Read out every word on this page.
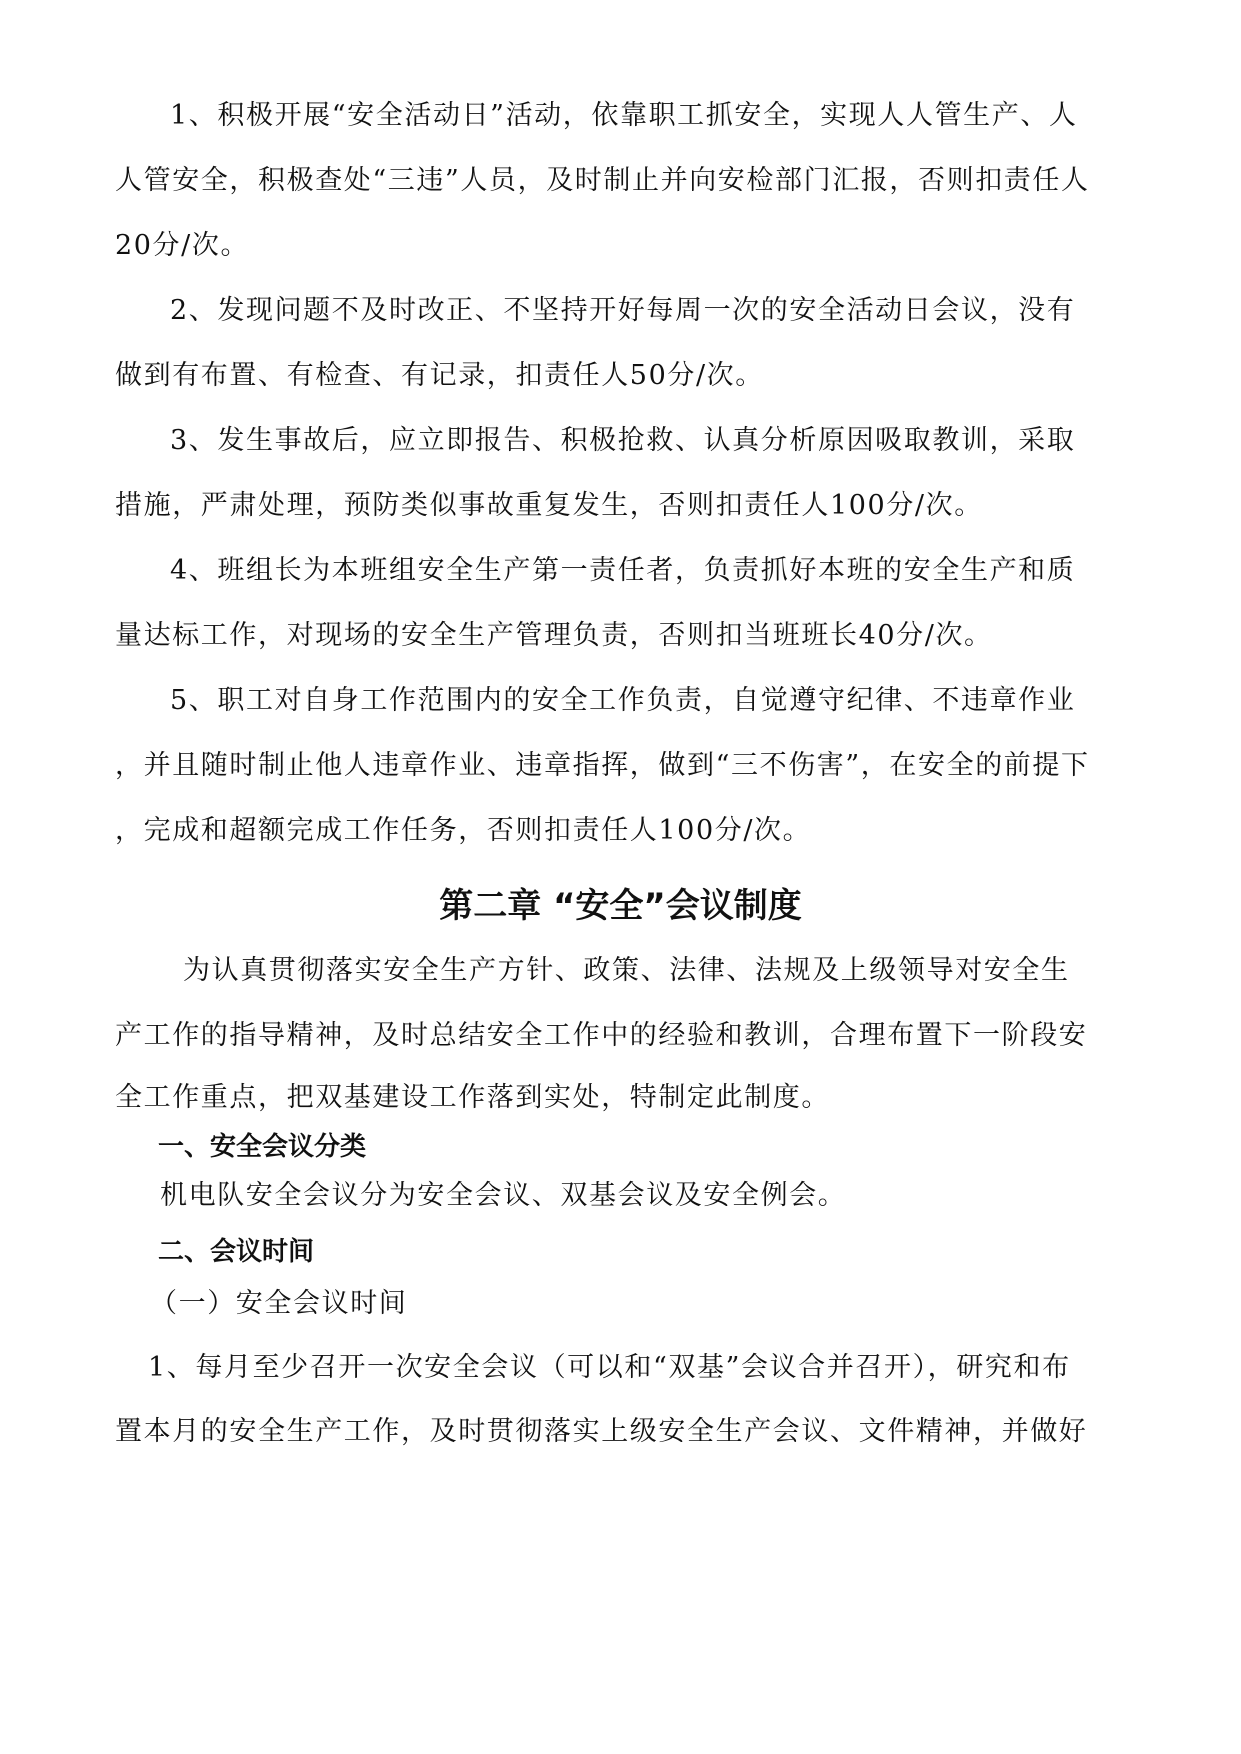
1、积极开展“安全活动日”活动，依靠职工抓安全，实现人人管生产、人
人管安全，积极查处“三违”人员，及时制止并向安检部门汇报，否则扣责任人
20分/次。
2、发现问题不及时改正、不坚持开好每周一次的安全活动日会议，没有
做到有布置、有检查、有记录，扣责任人50分/次。
3、发生事故后，应立即报告、积极抢救、认真分析原因吸取教训，采取
措施，严肃处理，预防类似事故重复发生，否则扣责任人100分/次。
4、班组长为本班组安全生产第一责任者，负责抓好本班的安全生产和质
量达标工作，对现场的安全生产管理负责，否则扣当班班长40分/次。
5、职工对自身工作范围内的安全工作负责，自觉遵守纪律、不违章作业
，并且随时制止他人违章作业、违章指挥，做到“三不伤害”，在安全的前提下
，完成和超额完成工作任务，否则扣责任人100分/次。
第二章 “安全”会议制度
为认真贯彻落实安全生产方针、政策、法律、法规及上级领导对安全生
产工作的指导精神，及时总结安全工作中的经验和教训，合理布置下一阶段安
全工作重点，把双基建设工作落到实处，特制定此制度。
一、安全会议分类
机电队安全会议分为安全会议、双基会议及安全例会。
二、会议时间
（一）安全会议时间
1、每月至少召开一次安全会议（可以和“双基”会议合并召开），研究和布
置本月的安全生产工作，及时贯彻落实上级安全生产会议、文件精神，并做好
